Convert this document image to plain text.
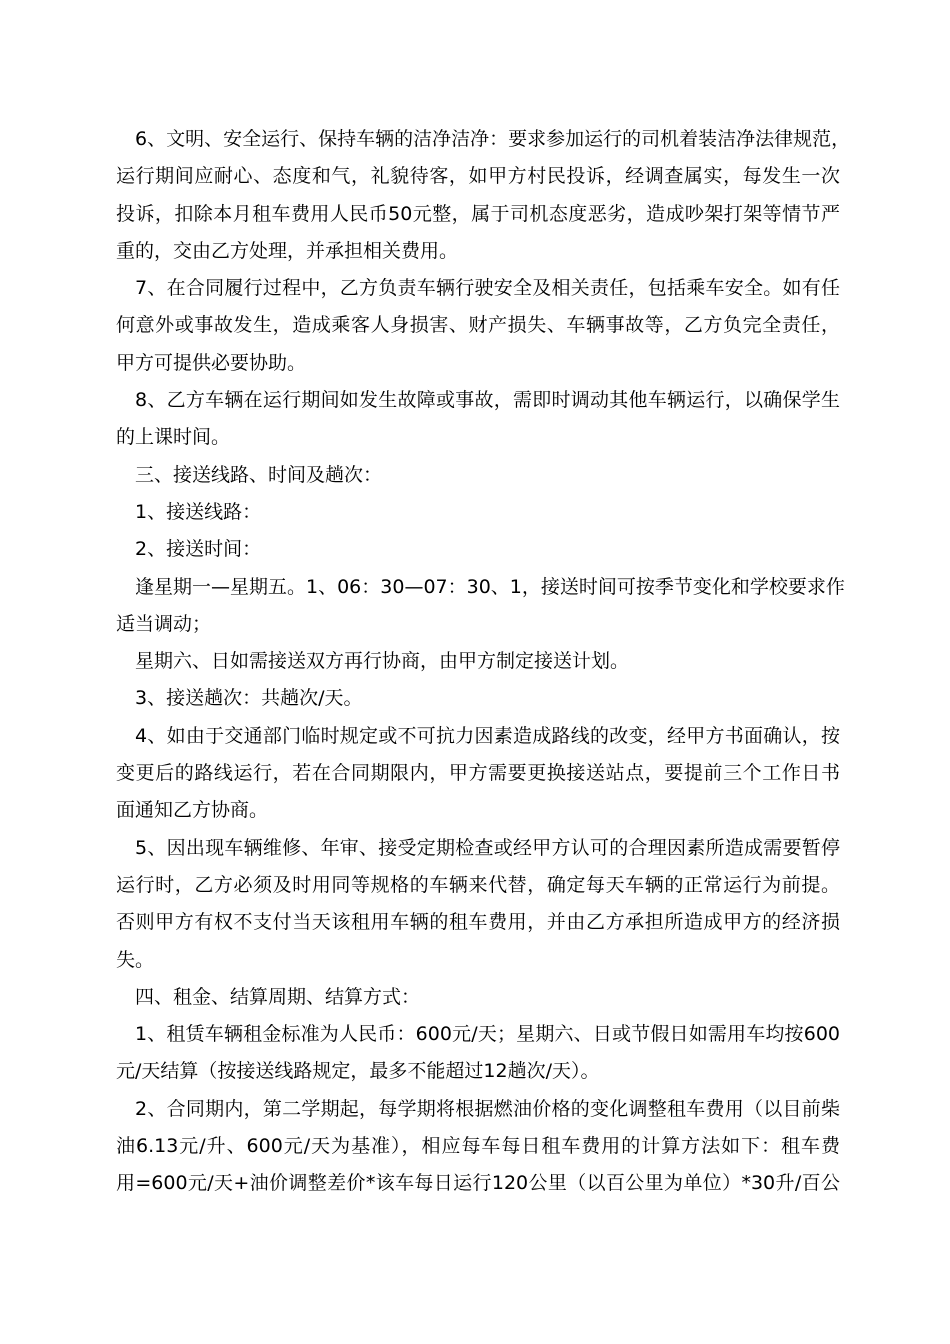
6、文明、安全运行、保持车辆的洁净洁净：要求参加运行的司机着装洁净法律规范，
运行期间应耐心、态度和气，礼貌待客，如甲方村民投诉，经调查属实，每发生一次
投诉，扣除本月租车费用人民币50元整，属于司机态度恶劣，造成吵架打架等情节严
重的，交由乙方处理，并承担相关费用。
7、在合同履行过程中，乙方负责车辆行驶安全及相关责任，包括乘车安全。如有任
何意外或事故发生，造成乘客人身损害、财产损失、车辆事故等，乙方负完全责任，
甲方可提供必要协助。
8、乙方车辆在运行期间如发生故障或事故，需即时调动其他车辆运行，以确保学生
的上课时间。
三、接送线路、时间及趟次：
1、接送线路：
2、接送时间：
逢星期一—星期五。1、06：30—07：30、1，接送时间可按季节变化和学校要求作
适当调动；
星期六、日如需接送双方再行协商，由甲方制定接送计划。
3、接送趟次：共趟次/天。
4、如由于交通部门临时规定或不可抗力因素造成路线的改变，经甲方书面确认，按
变更后的路线运行，若在合同期限内，甲方需要更换接送站点，要提前三个工作日书
面通知乙方协商。
5、因出现车辆维修、年审、接受定期检查或经甲方认可的合理因素所造成需要暂停
运行时，乙方必须及时用同等规格的车辆来代替，确定每天车辆的正常运行为前提。
否则甲方有权不支付当天该租用车辆的租车费用，并由乙方承担所造成甲方的经济损
失。
四、租金、结算周期、结算方式：
1、租赁车辆租金标准为人民币：600元/天；星期六、日或节假日如需用车均按600
元/天结算（按接送线路规定，最多不能超过12趟次/天）。
2、合同期内，第二学期起，每学期将根据燃油价格的变化调整租车费用（以目前柴
油6.13元/升、600元/天为基准），相应每车每日租车费用的计算方法如下：租车费
用=600元/天+油价调整差价*该车每日运行120公里（以百公里为单位）*30升/百公
